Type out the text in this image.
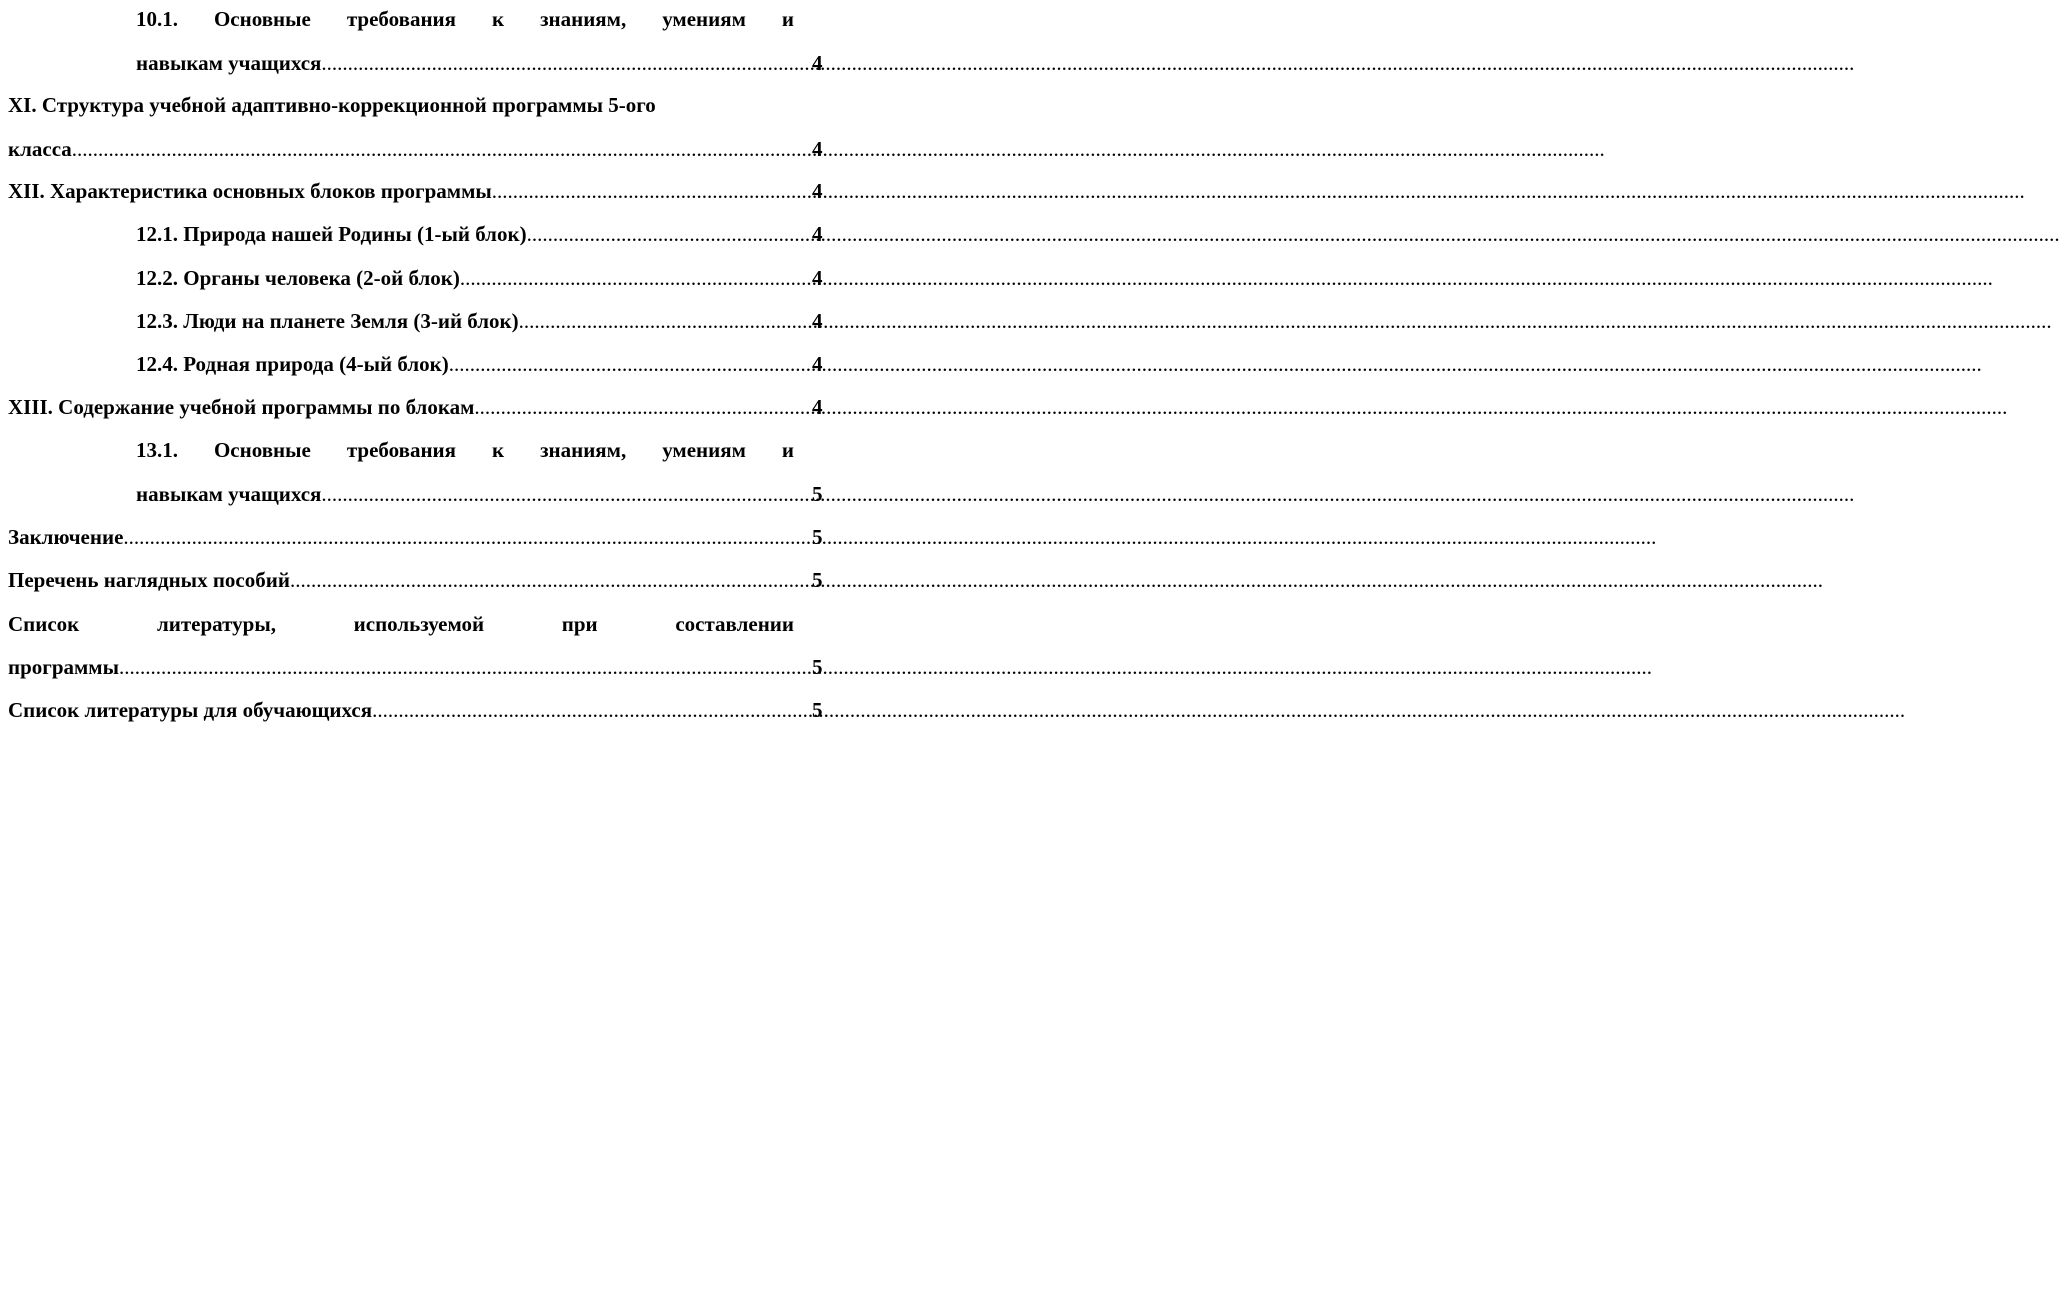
10.1. Основные требования к знаниям, умениям и
навыкам учащихся .....	4
XI. Структура учебной адаптивно-коррекционной программы 5-ого
класса .....	4
XII. Характеристика основных блоков программы .....	4
12.1. Природа нашей Родины (1-ый блок) .....	4
12.2. Органы человека (2-ой блок) .....	4
12.3. Люди на планете Земля (3-ий блок) .....	4
12.4. Родная природа (4-ый блок) .....	4
XIII. Содержание учебной программы по блокам .....	4
13.1. Основные требования к знаниям, умениям и
навыкам учащихся .....	5
Заключение .....	5
Перечень наглядных пособий .....	5
Список литературы, используемой при составлении
программы .....	5
Список литературы для обучающихся .....	5
